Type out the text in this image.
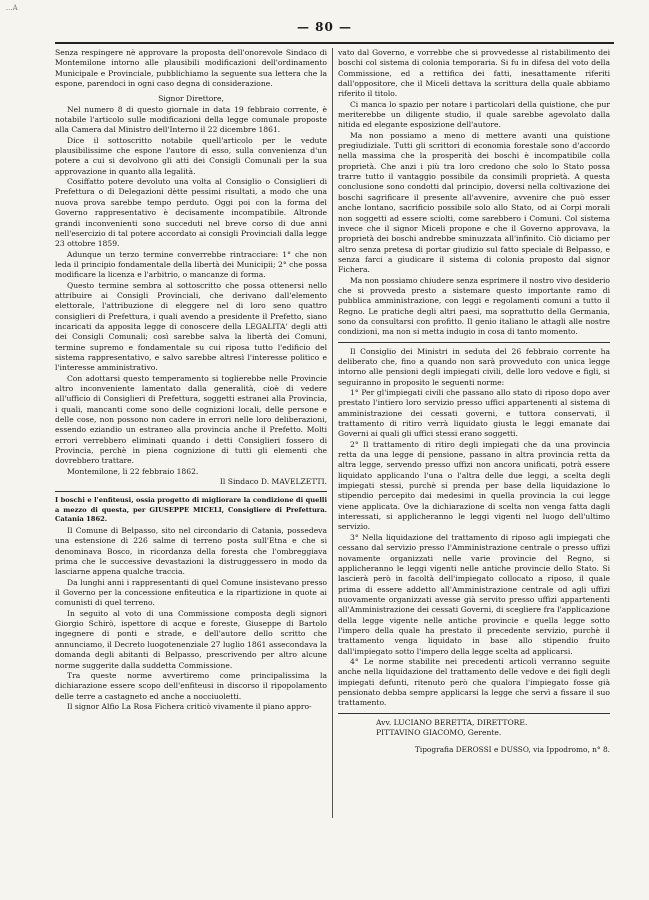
...A
— 80 —

Senza respingere nè approvare la proposta dell'onorevole Sindaco di Montemilone intorno alle plausibili modificazioni dell'ordinamento Municipale e Provinciale, pubblichiamo la seguente sua lettera che la espone, parendoci in ogni caso degna di considerazione.

Signor Direttore,

Nel numero 8 di questo giornale in data 19 febbraio corrente, è notabile l'articolo sulle modificazioni della legge comunale proposte alla Camera dal Ministro dell'Interno il 22 dicembre 1861.

Dice il sottoscritto notabile quell'articolo per le vedute plausibilissime che espone l'autore di esso, sulla convenienza d'un potere a cui si devolvono gli atti dei Consigli Comunali per la sua approvazione in quanto alla legalità.

Cosiffatto potere devoluto una volta al Consiglio o Consiglieri di Prefettura o di Delegazioni dètte pessimi risultati, a modo che una nuova prova sarebbe tempo perduto. Oggi poi con la forma del Governo rappresentativo è decisamente incompatibile. Altronde grandi inconvenienti sono succeduti nel breve corso di due anni nell'esercizio di tal potere accordato ai consigli Provinciali dalla legge 23 ottobre 1859.

Adunque un terzo termine converrebbe rintracciare: 1° che non leda il principio fondamentale della libertà dei Municipii; 2° che possa modificare la licenza e l'arbitrio, o mancanze di forma.

Questo termine sembra al sottoscritto che possa ottenersi nello attribuire ai Consigli Provinciali, che derivano dall'elemento elettorale, l'attribuzione di eleggere nel di loro seno quattro consiglieri di Prefettura, i quali avendo a presidente il Prefetto, siano incaricati da apposita legge di conoscere della LEGALITA' degli atti dei Consigli Comunali; così sarebbe salva la libertà dei Comuni, termine supremo e fondamentale su cui riposa tutto l'edificio del sistema rappresentativo, e salvo sarebbe altresì l'interesse politico e l'interesse amministrativo.

Con adottarsi questo temperamento si toglierebbe nelle Provincie altro inconveniente lamentato dalla generalità, cioè di vedere all'ufficio di Consiglieri di Prefettura, soggetti estranei alla Provincia, i quali, mancanti come sono delle cognizioni locali, delle persone e delle cose, non possono non cadere in errori nelle loro deliberazioni, essendo eziandio un estraneo alla provincia anche il Prefetto. Molti errori verrebbero eliminati quando i detti Consiglieri fossero di Provincia, perchè in piena cognizione di tutti gli elementi che dovrebbero trattare.

Montemilone, li 22 febbraio 1862.

Il Sindaco D. MAVELZETTI.

I boschi e l'enfiteusi, ossia progetto di migliorare la condizione di quelli a mezzo di questa, per GIUSEPPE MICELI, Consigliere di Prefettura. Catania 1862.

Il Comune di Belpasso, sito nel circondario di Catania, possedeva una estensione di 226 salme di terreno posta sull'Etna e che si denominava Bosco, in ricordanza della foresta che l'ombreggiava prima che le successive devastazioni la distruggessero in modo da lasciarne appena qualche traccia.

Da lunghi anni i rappresentanti di quel Comune insistevano presso il Governo per la concessione enfiteutica e la ripartizione in quote ai comunisti di quel terreno.

In seguito al voto di una Commissione composta degli signori Giorgio Schirò, ispettore di acque e foreste, Giuseppe di Bartolo ingegnere di ponti e strade, e dell'autore dello scritto che annunciamo, il Decreto luogotenenziale 27 luglio 1861 assecondava la domanda degli abitanti di Belpasso, prescrivendo per altro alcune norme suggerite dalla suddetta Commissione.

Tra queste norme avvertiremo come principalissima la dichiarazione essere scopo dell'enfiteusi in discorso il ripopolamento delle terre a castagneto ed anche a nocciuoletti.

Il signor Alfio La Rosa Fichera criticò vivamente il piano appro-

vato dal Governo, e vorrebbe che si provvedesse al ristabilimento dei boschi col sistema di colonia temporaria. Si fu in difesa del voto della Commissione, ed a rettifica dei fatti, inesattamente riferiti dall'oppositore, che il Miceli dettava la scrittura della quale abbiamo riferito il titolo.

Ci manca lo spazio per notare i particolari della quistione, che pur meriterebbe un diligente studio, il quale sarebbe agevolato dalla nitida ed elegante esposizione dell'autore.

Ma non possiamo a meno di mettere avanti una quistione pregiudiziale. Tutti gli scrittori di economia forestale sono d'accordo nella massima che la prosperità dei boschi è incompatibile colla proprietà. Che anzi i più tra loro credono che solo lo Stato possa trarre tutto il vantaggio possibile da consimili proprietà. A questa conclusione sono condotti dal principio, doversi nella coltivazione dei boschi sagrificare il presente all'avvenire, avvenire che può esser anche lontano, sacrificio possibile solo allo Stato, od ai Corpi morali non soggetti ad essere sciolti, come sarebbero i Comuni. Col sistema invece che il signor Miceli propone e che il Governo approvava, la proprietà dei boschi andrebbe sminuzzata all'infinito. Ciò diciamo per altro senza pretesa di portar giudizio sul fatto speciale di Belpasso, e senza farci a giudicare il sistema di colonia proposto dal signor Fichera.

Ma non possiamo chiudere senza esprimere il nostro vivo desiderio che si provveda presto a sistemare questo importante ramo di pubblica amministrazione, con leggi e regolamenti comuni a tutto il Regno. Le pratiche degli altri paesi, ma soprattutto della Germania, sono da consultarsi con profitto. Il genio italiano le attagli alle nostre condizioni, ma non si metta indugio in cosa di tanto momento.

Il Consiglio dei Ministri in seduta del 26 febbraio corrente ha deliberato che, fino a quando non sarà provveduto con unica legge intorno alle pensioni degli impiegati civili, delle loro vedove e figli, si seguiranno in proposito le seguenti norme:

1° Per gl'impiegati civili che passano allo stato di riposo dopo aver prestato l'intiero loro servizio presso uffici appartenenti al sistema di amministrazione dei cessati governi, e tuttora conservati, il trattamento di ritiro verrà liquidato giusta le leggi emanate dai Governi ai quali gli uffici stessi erano soggetti.

2° Il trattamento di ritiro degli impiegati che da una provincia retta da una legge di pensione, passano in altra provincia retta da altra legge, servendo presso uffizi non ancora unificati, potrà essere liquidato applicando l'una o l'altra delle due leggi, a scelta degli impiegati stessi, purchè si prenda per base della liquidazione lo stipendio percepito dai medesimi in quella provincia la cui legge viene applicata. Ove la dichiarazione di scelta non venga fatta dagli interessati, si applicheranno le leggi vigenti nel luogo dell'ultimo servizio.

3° Nella liquidazione del trattamento di riposo agli impiegati che cessano dal servizio presso l'Amministrazione centrale o presso uffizi novamente organizzati nelle varie provincie del Regno, si applicheranno le leggi vigenti nelle antiche provincie dello Stato. Si lascierà però in facoltà dell'impiegato collocato a riposo, il quale prima di essere addetto all'Amministrazione centrale od agli uffizi nuovamente organizzati avesse già servito presso uffizi appartenenti all'Amministrazione dei cessati Governi, di scegliere fra l'applicazione della legge vigente nelle antiche provincie e quella legge sotto l'impero della quale ha prestato il precedente servizio, purchè il trattamento venga liquidato in base allo stipendio fruito dall'impiegato sotto l'impero della legge scelta ad applicarsi.

4° Le norme stabilite nei precedenti articoli verranno seguite anche nella liquidazione del trattamento delle vedove e dei figli degli impiegati defunti, ritenuto però che qualora l'impiegato fosse già pensionato debba sempre applicarsi la legge che servì a fissare il suo trattamento.

Avv. LUCIANO BERETTA, DIRETTORE.

PITTAVINO GIACOMO, Gerente.

Tipografia DEROSSI e DUSSO, via Ippodromo, n° 8.
